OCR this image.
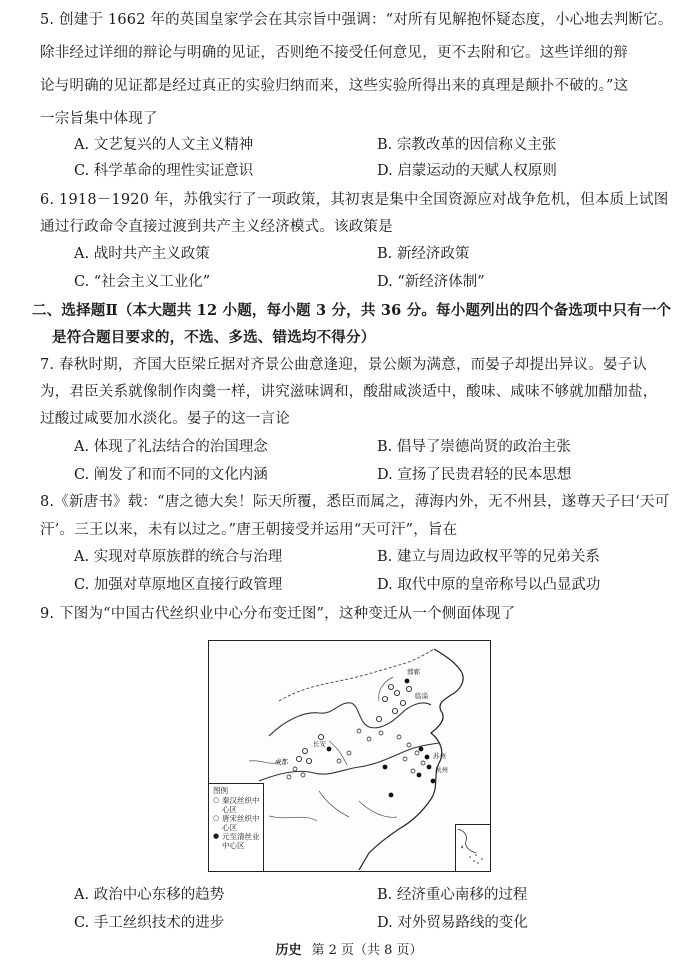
5. 创建于 1662 年的英国皇家学会在其宗旨中强调：“对所有见解抱怀疑态度，小心地去判断它。
除非经过详细的辩论与明确的见证，否则绝不接受任何意见，更不去附和它。这些详细的辩
论与明确的见证都是经过真正的实验归纳而来，这些实验所得出来的真理是颠扑不破的。”这
一宗旨集中体现了
A. 文艺复兴的人文主义精神	B. 宗教改革的因信称义主张
C. 科学革命的理性实证意识	D. 启蒙运动的天赋人权原则
6. 1918－1920 年，苏俄实行了一项政策，其初衷是集中全国资源应对战争危机，但本质上试图
通过行政命令直接过渡到共产主义经济模式。该政策是
A. 战时共产主义政策	B. 新经济政策
C. “社会主义工业化”	D. “新经济体制”
二、选择题Ⅱ（本大题共 12 小题，每小题 3 分，共 36 分。每小题列出的四个备选项中只有一个
是符合题目要求的，不选、多选、错选均不得分）
7. 春秋时期，齐国大臣梁丘据对齐景公曲意逢迎，景公颇为满意，而晏子却提出异议。晏子认
为，君臣关系就像制作肉羹一样，讲究滋味调和，酸甜咸淡适中，酸味、咸味不够就加醋加盐，
过酸过咸要加水淡化。晏子的这一言论
A. 体现了礼法结合的治国理念	B. 倡导了崇德尚贤的政治主张
C. 阐发了和而不同的文化内涵	D. 宣扬了民贵君轻的民本思想
8.《新唐书》载：“唐之德大矣！际天所覆，悉臣而属之，薄海内外，无不州县，遂尊天子曰‘天可
汗’。三王以来，未有以过之。”唐王朝接受并运用“天可汗”，旨在
A. 实现对草原族群的统合与治理	B. 建立与周边政权平等的兄弟关系
C. 加强对草原地区直接行政管理	D. 取代中原的皇帝称号以凸显武功
9. 下图为“中国古代丝织业中心分布变迁图”，这种变迁从一个侧面体现了
邯郸
临淄
长安
成都
苏州
杭州
图例
○ 秦汉丝织中心区
○ 唐宋丝织中心区
● 元至清丝业中心区
A. 政治中心东移的趋势	B. 经济重心南移的过程
C. 手工丝织技术的进步	D. 对外贸易路线的变化
历史 第 2 页（共 8 页）
